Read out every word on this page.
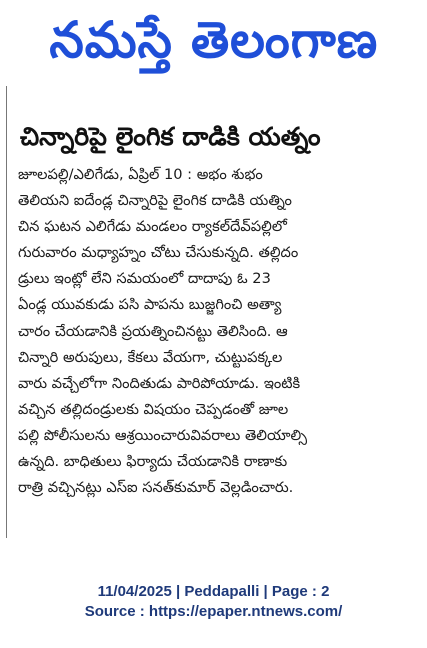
నమస్తే తెలంగాణ
చిన్నారిపై లైంగిక దాడికి యత్నం
జూలపల్లి/ఎలిగేడు, ఏప్రిల్ 10 : అభం శుభం
తెలియని ఐదేండ్ల చిన్నారిపై లైంగిక దాడికి యత్నిం
చిన ఘటన ఎలిగేడు మండలం ర్యాకల్‌దేవ్‌పల్లిలో
గురువారం మధ్యాహ్నం చోటు చేసుకున్నది. తల్లిదం
డ్రులు ఇంట్లో లేని సమయంలో దాదాపు ఓ 23
ఏండ్ల యువకుడు పసి పాపను బుజ్జగించి అత్యా
చారం చేయడానికి ప్రయత్నించినట్టు తెలిసింది. ఆ
చిన్నారి అరుపులు, కేకలు వేయగా, చుట్టుపక్కల
వారు వచ్చేలోగా నిందితుడు పారిపోయాడు. ఇంటికి
వచ్చిన తల్లిదండ్రులకు విషయం చెప్పడంతో జూల
పల్లి పోలీసులను ఆశ్రయించారువివరాలు తెలియాల్సి
ఉన్నది. బాధితులు ఫిర్యాదు చేయడానికి రాణాకు
రాత్రి వచ్చినట్లు ఎస్ఐ సనత్‌కుమార్ వెల్లడించారు.
11/04/2025 | Peddapalli | Page : 2
Source : https://epaper.ntnews.com/
